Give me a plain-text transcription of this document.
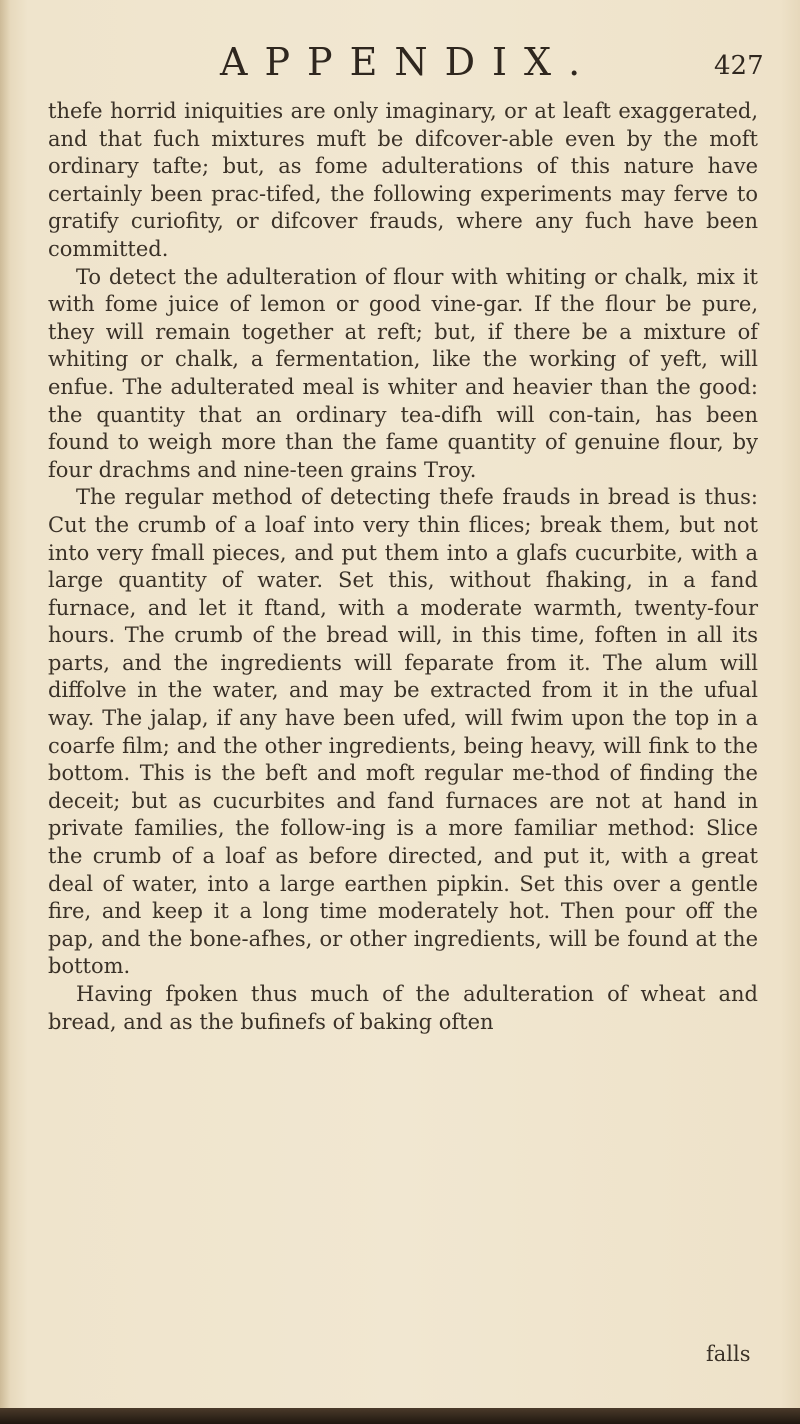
APPENDIX.	427

thefe horrid iniquities are only imaginary, or at leaft exaggerated, and that fuch mixtures muft be difcover-able even by the moft ordinary tafte; but, as fome adulterations of this nature have certainly been prac-tifed, the following experiments may ferve to gratify curiofity, or difcover frauds, where any fuch have been committed.

To detect the adulteration of flour with whiting or chalk, mix it with fome juice of lemon or good vine-gar. If the flour be pure, they will remain together at reft; but, if there be a mixture of whiting or chalk, a fermentation, like the working of yeft, will enfue. The adulterated meal is whiter and heavier than the good: the quantity that an ordinary tea-difh will con-tain, has been found to weigh more than the fame quantity of genuine flour, by four drachms and nine-teen grains Troy.

The regular method of detecting thefe frauds in bread is thus: Cut the crumb of a loaf into very thin flices; break them, but not into very fmall pieces, and put them into a glafs cucurbite, with a large quantity of water. Set this, without fhaking, in a fand furnace, and let it ftand, with a moderate warmth, twenty-four hours. The crumb of the bread will, in this time, foften in all its parts, and the ingredients will feparate from it. The alum will diffolve in the water, and may be extracted from it in the ufual way. The jalap, if any have been ufed, will fwim upon the top in a coarfe film; and the other ingredients, being heavy, will fink to the bottom. This is the beft and moft regular me-thod of finding the deceit; but as cucurbites and fand furnaces are not at hand in private families, the follow-ing is a more familiar method: Slice the crumb of a loaf as before directed, and put it, with a great deal of water, into a large earthen pipkin. Set this over a gentle fire, and keep it a long time moderately hot. Then pour off the pap, and the bone-afhes, or other ingredients, will be found at the bottom.

Having fpoken thus much of the adulteration of wheat and bread, and as the bufinefs of baking often

falls
